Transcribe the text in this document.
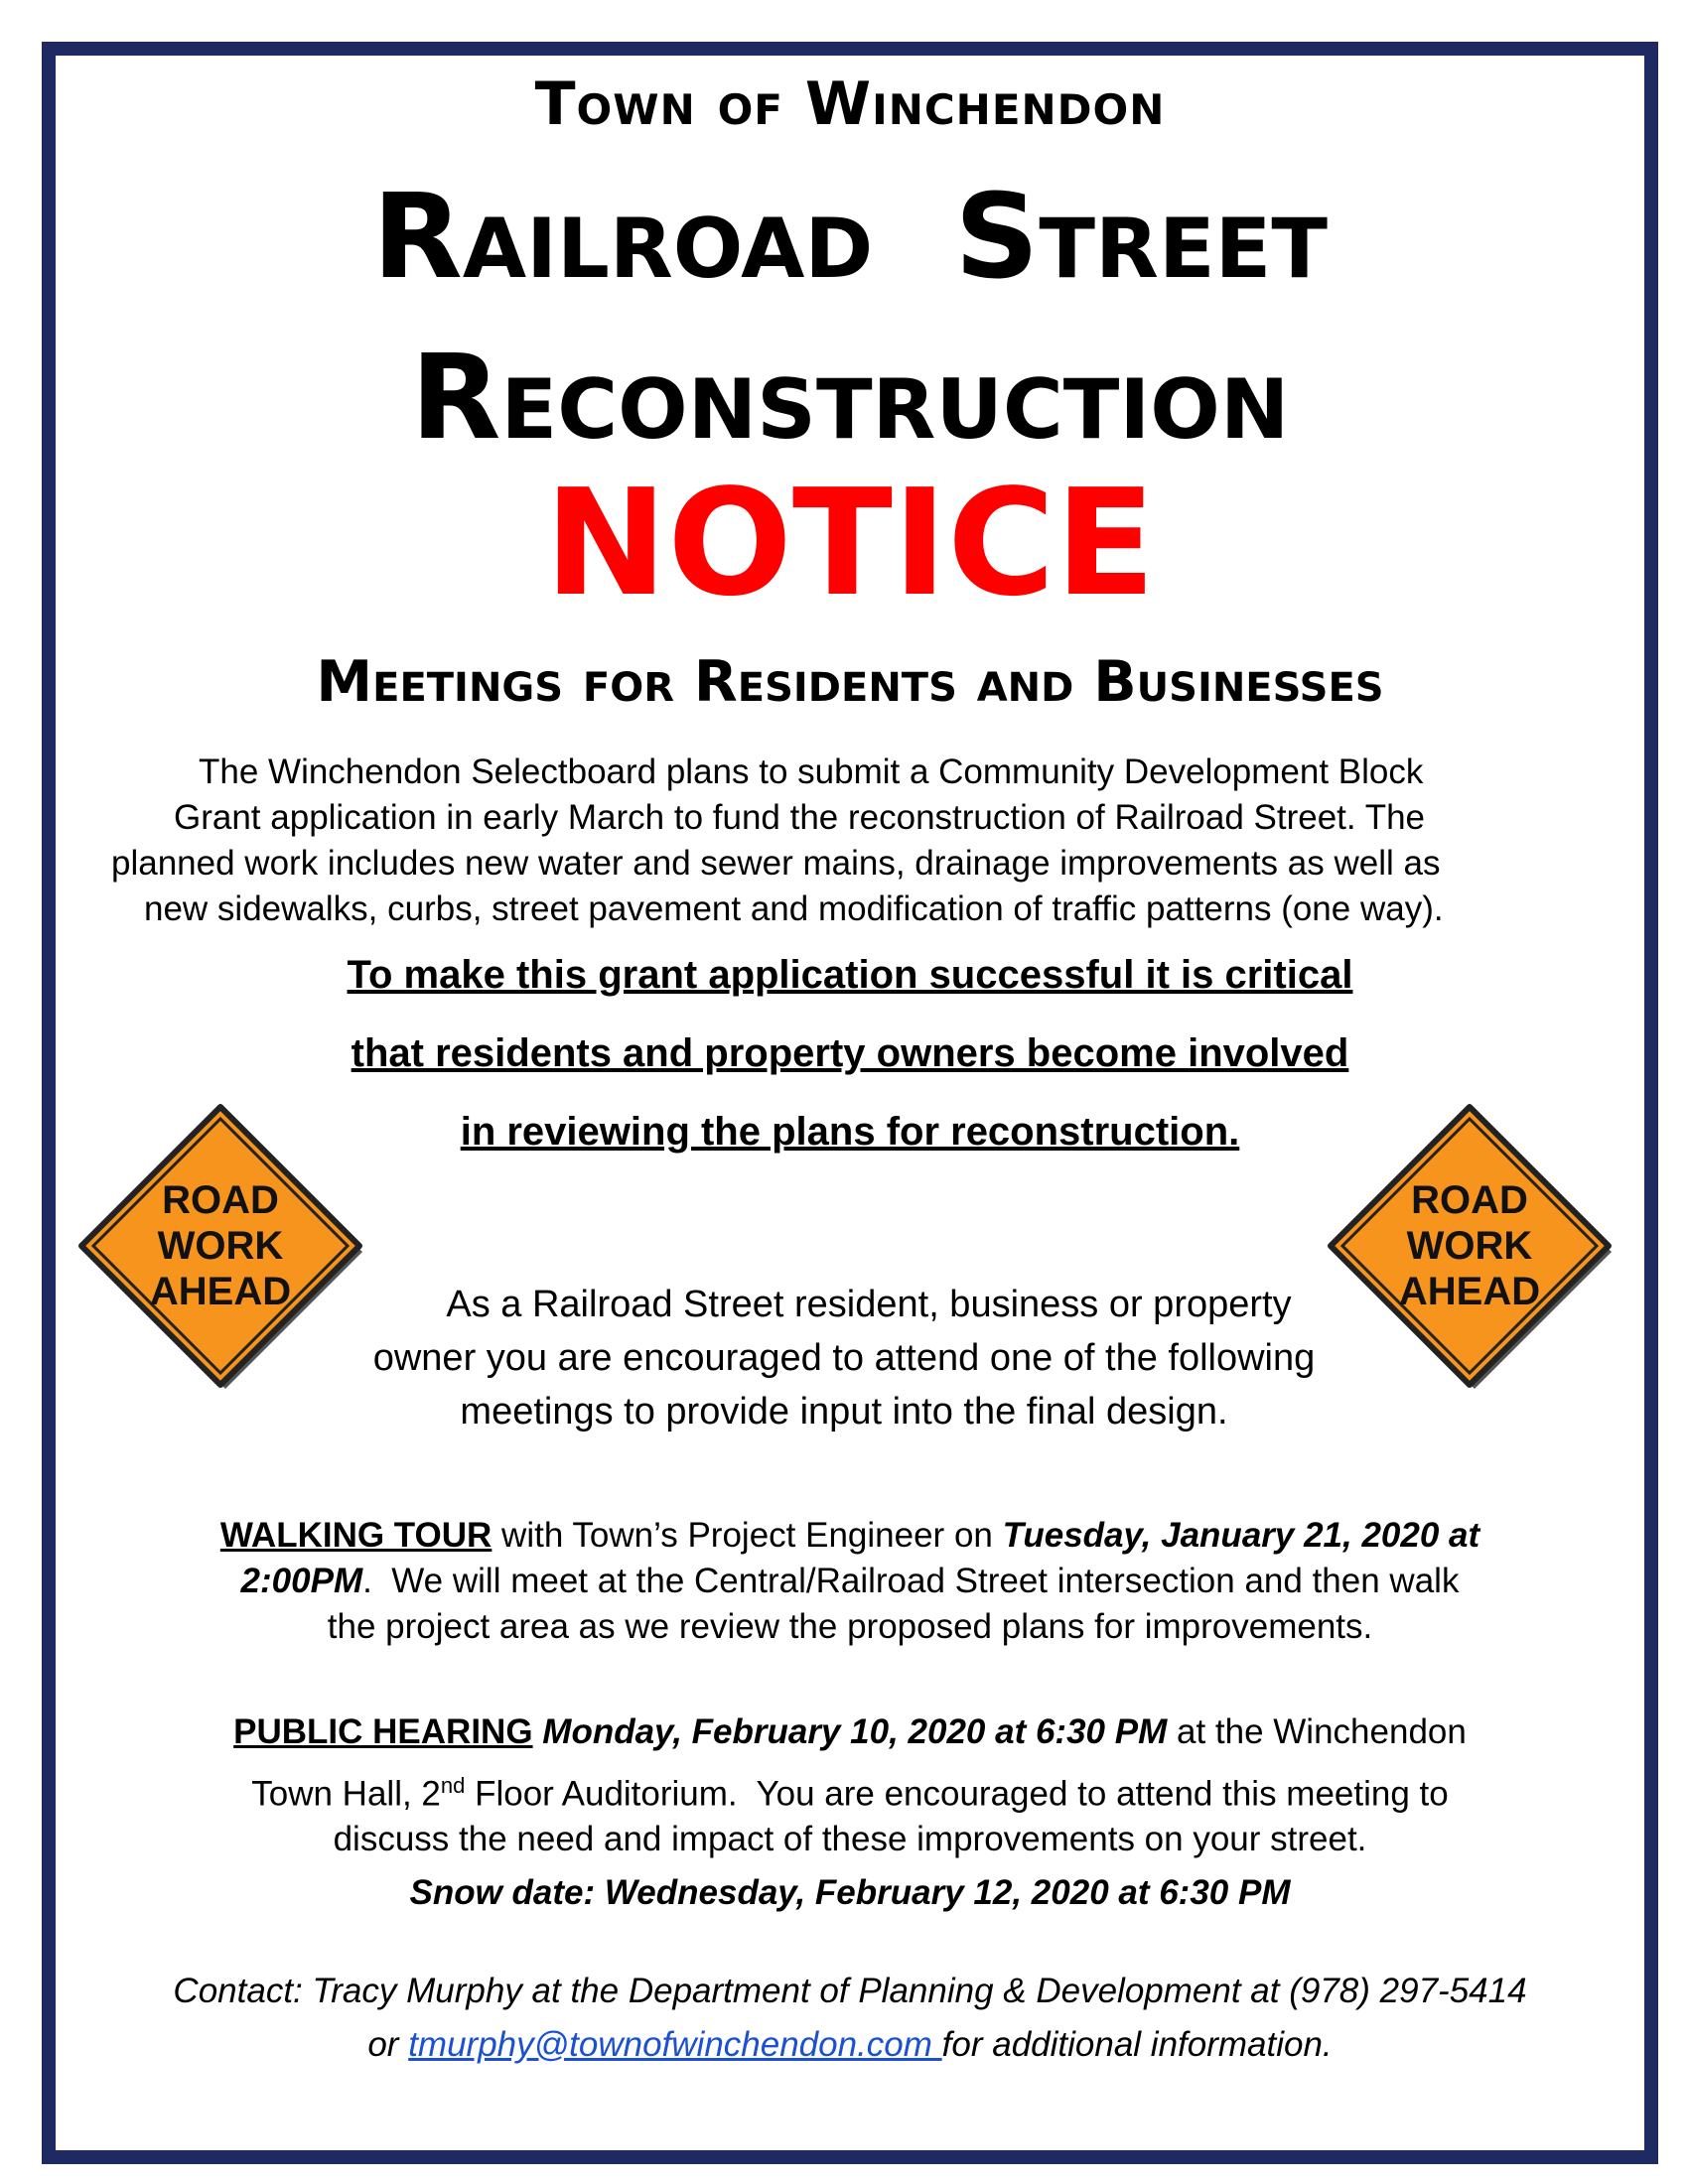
Town of Winchendon
Railroad  Street
Reconstruction
NOTICE
Meetings for Residents and Businesses
The Winchendon Selectboard plans to submit a Community Development Block
Grant application in early March to fund the reconstruction of Railroad Street. The
planned work includes new water and sewer mains, drainage improvements as well as
new sidewalks, curbs, street pavement and modification of traffic patterns (one way).
To make this grant application successful it is critical
that residents and property owners become involved
in reviewing the plans for reconstruction.
ROAD
WORK
AHEAD
ROAD
WORK
AHEAD
As a Railroad Street resident, business or property
owner you are encouraged to attend one of the following
meetings to provide input into the final design.
WALKING TOUR with Town’s Project Engineer on Tuesday, January 21, 2020 at
2:00PM.  We will meet at the Central/Railroad Street intersection and then walk
the project area as we review the proposed plans for improvements.
PUBLIC HEARING Monday, February 10, 2020 at 6:30 PM at the Winchendon
Town Hall, 2nd Floor Auditorium.  You are encouraged to attend this meeting to
discuss the need and impact of these improvements on your street.
Snow date: Wednesday, February 12, 2020 at 6:30 PM
Contact: Tracy Murphy at the Department of Planning & Development at (978) 297-5414
or tmurphy@townofwinchendon.com for additional information.
